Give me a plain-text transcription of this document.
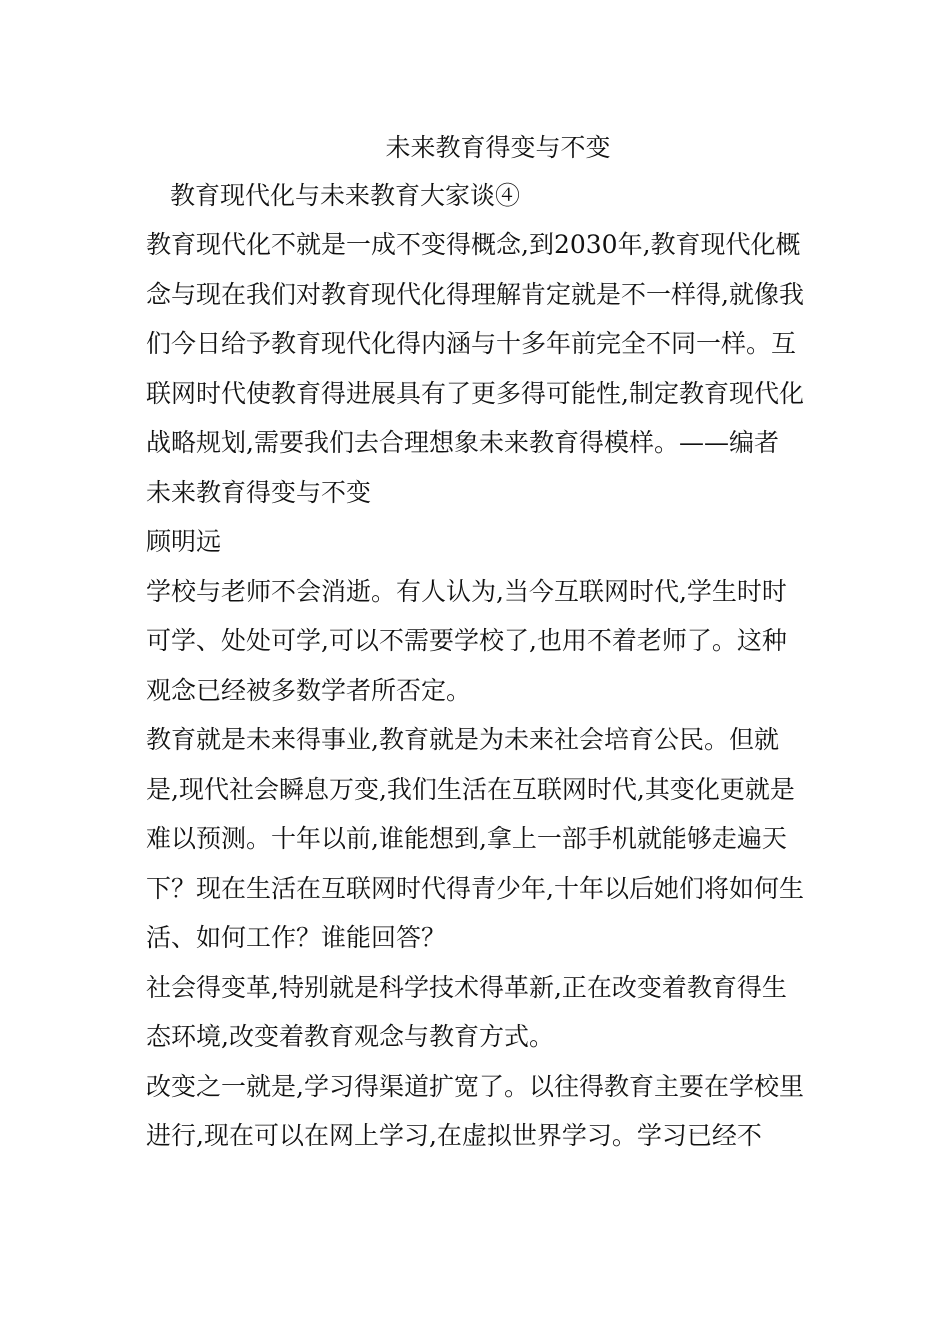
未来教育得变与不变
教育现代化与未来教育大家谈④

教育现代化不就是一成不变得概念,到2030年,教育现代化概念与现在我们对教育现代化得理解肯定就是不一样得,就像我们今日给予教育现代化得内涵与十多年前完全不同一样。互联网时代使教育得进展具有了更多得可能性,制定教育现代化战略规划,需要我们去合理想象未来教育得模样。——编者

未来教育得变与不变

顾明远

学校与老师不会消逝。有人认为,当今互联网时代,学生时时可学、处处可学,可以不需要学校了,也用不着老师了。这种观念已经被多数学者所否定。

教育就是未来得事业,教育就是为未来社会培育公民。但就是,现代社会瞬息万变,我们生活在互联网时代,其变化更就是难以预测。十年以前,谁能想到,拿上一部手机就能够走遍天下？现在生活在互联网时代得青少年,十年以后她们将如何生活、如何工作？谁能回答？

社会得变革,特别就是科学技术得革新,正在改变着教育得生态环境,改变着教育观念与教育方式。

改变之一就是,学习得渠道扩宽了。以往得教育主要在学校里进行,现在可以在网上学习,在虚拟世界学习。学习已经不
